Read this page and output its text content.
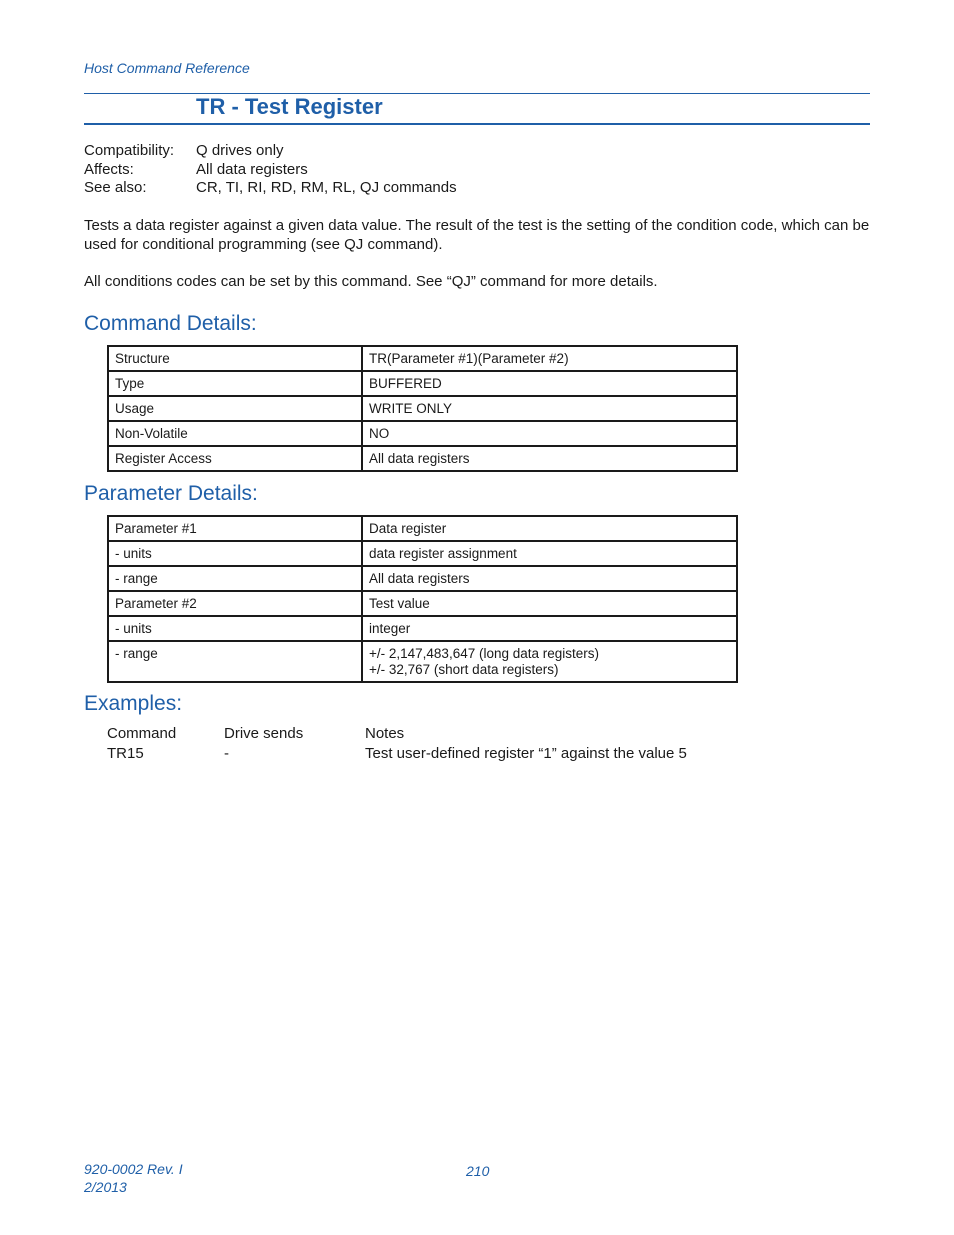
Host Command Reference
TR - Test Register
Compatibility:	Q drives only
Affects:	All data registers
See also:	CR, TI, RI, RD, RM, RL, QJ commands
Tests a data register against a given data value. The result of the test is the setting of the condition code, which can be used for conditional programming (see QJ command).
All conditions codes can be set by this command. See “QJ” command for more details.
Command Details:
Structure	TR(Parameter #1)(Parameter #2)
Type	BUFFERED
Usage	WRITE ONLY
Non-Volatile	NO
Register Access	All data registers
Parameter Details:
Parameter #1	Data register
- units	data register assignment
- range	All data registers
Parameter #2	Test value
- units	integer
- range	+/- 2,147,483,647 (long data registers)
+/- 32,767 (short data registers)
Examples:
Command	Drive sends	Notes
TR15	-	Test user-defined register “1” against the value 5
920-0002 Rev. I
2/2013
210
